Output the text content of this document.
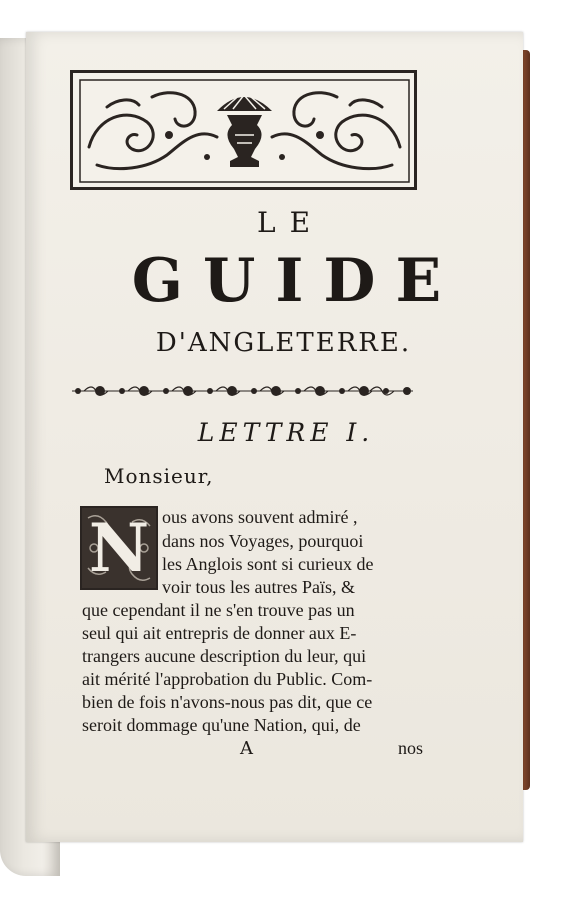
LE
GUIDE
D'ANGLETERRE.
LETTRE I.
Monsieur,
N ous avons souvent admiré ,
dans nos Voyages, pourquoi
les Anglois sont si curieux de
voir tous les autres Païs, &
que cependant il ne s'en trouve pas un
seul qui ait entrepris de donner aux E-
trangers aucune description du leur, qui
ait mérité l'approbation du Public. Com-
bien de fois n'avons-nous pas dit, que ce
seroit dommage qu'une Nation, qui, de
A	nos
